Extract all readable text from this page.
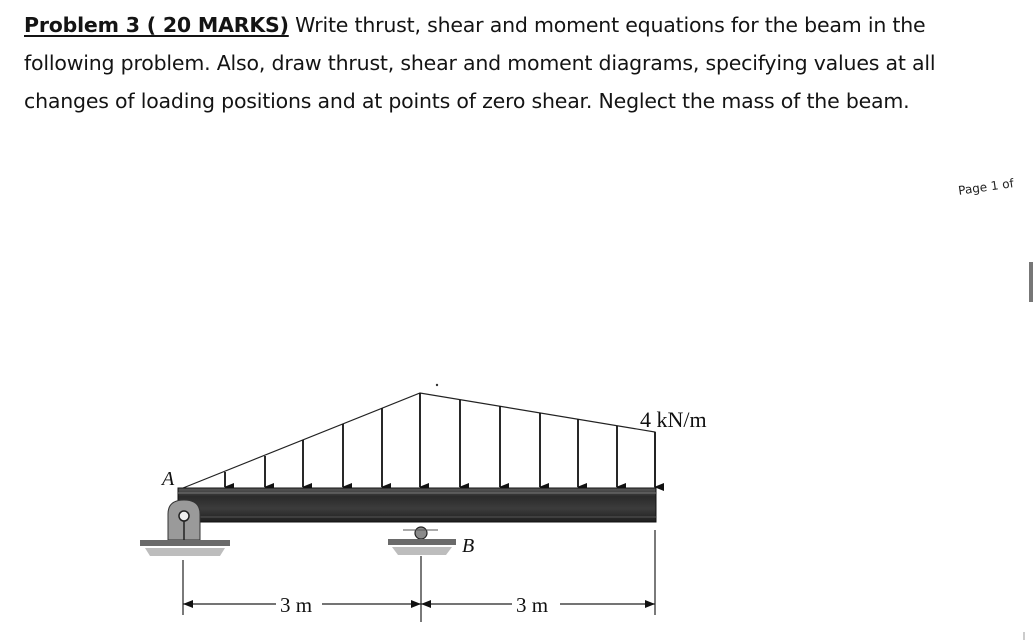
Problem 3 ( 20 MARKS) Write thrust, shear and moment equations for the beam in the following problem. Also, draw thrust, shear and moment diagrams, specifying values at all changes of loading positions and at points of zero shear. Neglect the mass of the beam.
Page 1 of
4 kN/m
A
B
3 m	3 m
